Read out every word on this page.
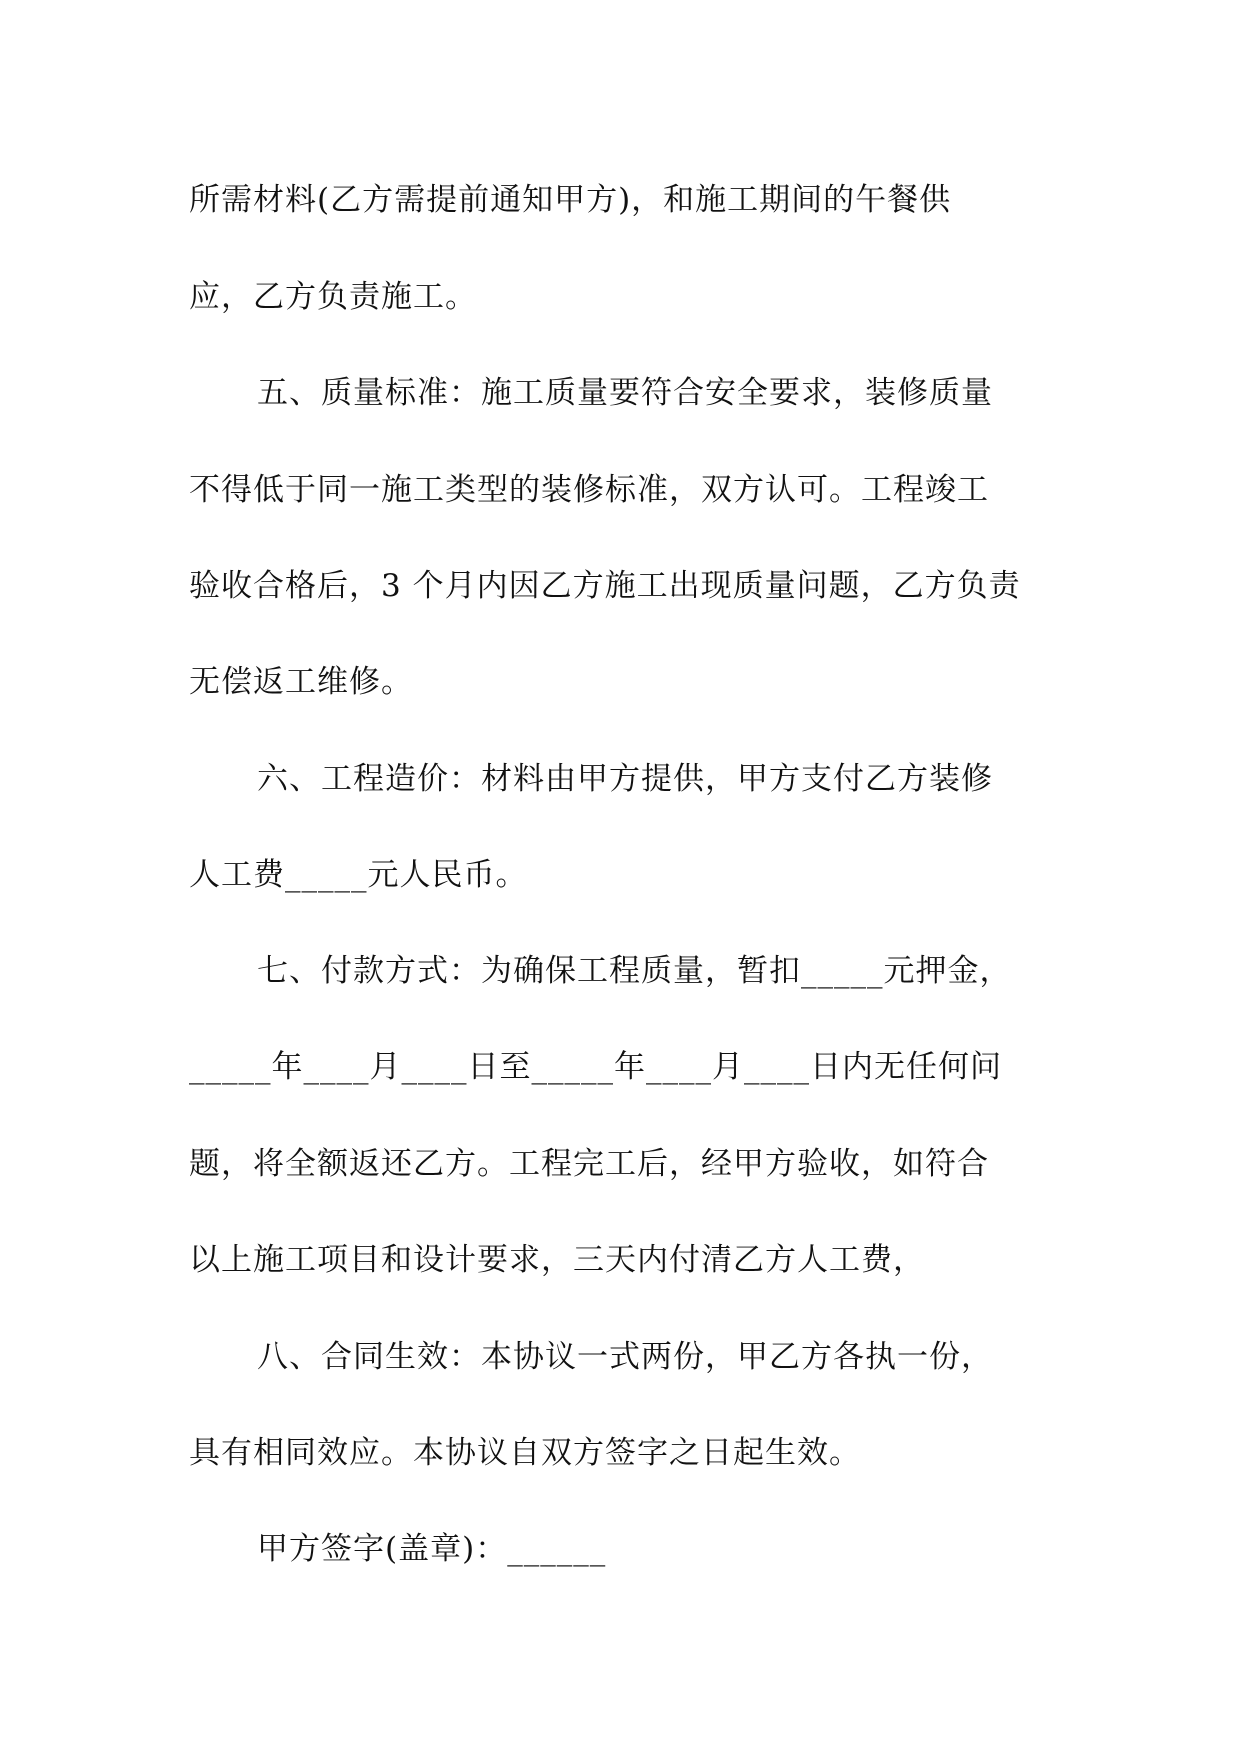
所需材料(乙方需提前通知甲方)，和施工期间的午餐供
应，乙方负责施工。
五、质量标准：施工质量要符合安全要求，装修质量
不得低于同一施工类型的装修标准，双方认可。工程竣工
验收合格后，3 个月内因乙方施工出现质量问题，乙方负责
无偿返工维修。
六、工程造价：材料由甲方提供，甲方支付乙方装修
人工费_____元人民币。
七、付款方式：为确保工程质量，暂扣_____元押金，
_____年____月____日至_____年____月____日内无任何问
题，将全额返还乙方。工程完工后，经甲方验收，如符合
以上施工项目和设计要求，三天内付清乙方人工费，
八、合同生效：本协议一式两份，甲乙方各执一份，
具有相同效应。本协议自双方签字之日起生效。
甲方签字(盖章)：______
